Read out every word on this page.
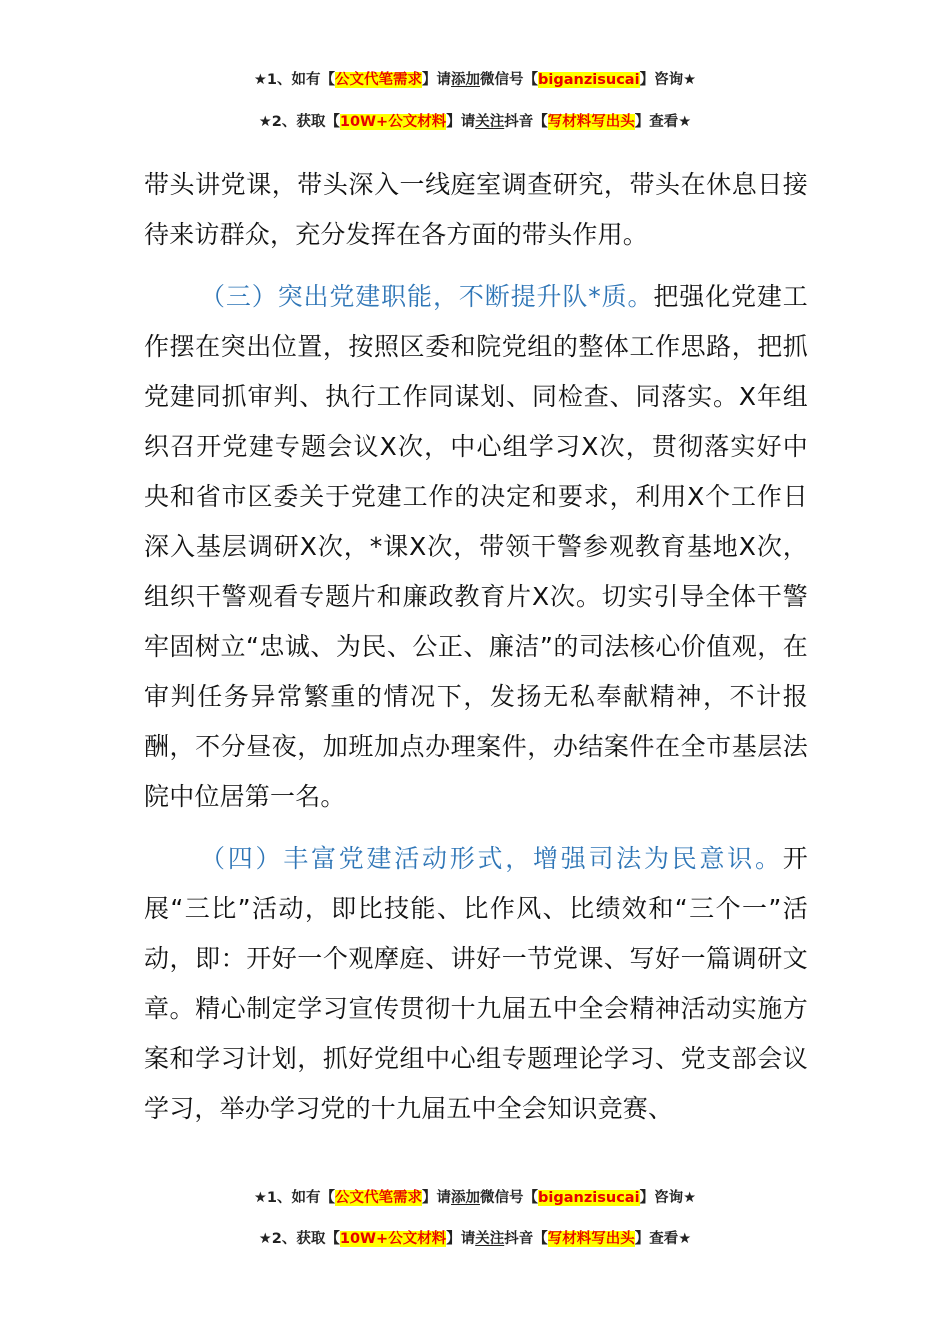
★1、如有【公文代笔需求】请添加微信号【biganzisucai】咨询★
★2、获取【10W+公文材料】请关注抖音【写材料写出头】查看★

带头讲党课，带头深入一线庭室调查研究，带头在休息日接待来访群众，充分发挥在各方面的带头作用。

（三）突出党建职能，不断提升队*质。把强化党建工作摆在突出位置，按照区委和院党组的整体工作思路，把抓党建同抓审判、执行工作同谋划、同检查、同落实。X年组织召开党建专题会议X次，中心组学习X次，贯彻落实好中央和省市区委关于党建工作的决定和要求，利用X个工作日深入基层调研X次，*课X次，带领干警参观教育基地X次，组织干警观看专题片和廉政教育片X次。切实引导全体干警牢固树立“忠诚、为民、公正、廉洁”的司法核心价值观，在审判任务异常繁重的情况下，发扬无私奉献精神，不计报酬，不分昼夜，加班加点办理案件，办结案件在全市基层法院中位居第一名。

（四）丰富党建活动形式，增强司法为民意识。开展“三比”活动，即比技能、比作风、比绩效和“三个一”活动，即：开好一个观摩庭、讲好一节党课、写好一篇调研文章。精心制定学习宣传贯彻十九届五中全会精神活动实施方案和学习计划，抓好党组中心组专题理论学习、党支部会议学习，举办学习党的十九届五中全会知识竞赛、

★1、如有【公文代笔需求】请添加微信号【biganzisucai】咨询★
★2、获取【10W+公文材料】请关注抖音【写材料写出头】查看★
